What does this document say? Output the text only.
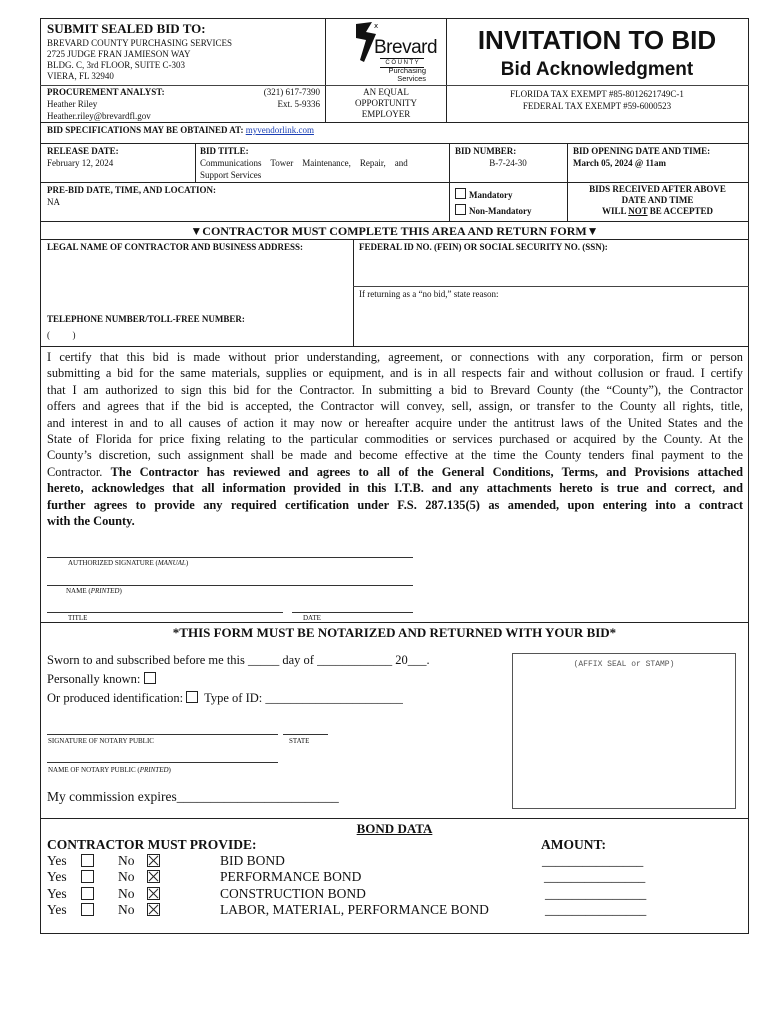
SUBMIT SEALED BID TO:
BREVARD COUNTY PURCHASING SERVICES
2725 JUDGE FRAN JAMIESON WAY
BLDG. C, 3rd FLOOR, SUITE C-303
VIERA, FL 32940
x
Brevard
C O U N T Y
Purchasing
Services
INVITATION TO BID
Bid Acknowledgment
PROCUREMENT ANALYST:	(321) 617-7390
Heather Riley	Ext. 5-9336
Heather.riley@brevardfl.gov
AN EQUAL
OPPORTUNITY
EMPLOYER
FLORIDA TAX EXEMPT #85-8012621749C-1
FEDERAL TAX EXEMPT #59-6000523
BID SPECIFICATIONS MAY BE OBTAINED AT: myvendorlink.com
RELEASE DATE:
February 12, 2024
BID TITLE:
Communications    Tower    Maintenance,    Repair,    and
Support Services
BID NUMBER:
B-7-24-30
BID OPENING DATE AND TIME:
March 05, 2024 @ 11am
PRE-BID DATE, TIME, AND LOCATION:
NA
Mandatory
Non-Mandatory
BIDS RECEIVED AFTER ABOVE
DATE AND TIME
WILL NOT BE ACCEPTED
▼CONTRACTOR MUST COMPLETE THIS AREA AND RETURN FORM▼
LEGAL NAME OF CONTRACTOR AND BUSINESS ADDRESS:	FEDERAL ID NO. (FEIN) OR SOCIAL SECURITY NO. (SSN):
If returning as a “no bid,” state reason:
TELEPHONE NUMBER/TOLL-FREE NUMBER:
(          )
I certify that this bid is made without prior understanding, agreement, or connections with any corporation, firm or person
submitting a bid for the same materials, supplies or equipment, and is in all respects fair and without collusion or fraud. I certify
that I am authorized to sign this bid for the Contractor. In submitting a bid to Brevard County (the “County”), the Contractor
offers and agrees that if the bid is accepted, the Contractor will convey, sell, assign, or transfer to the County all rights, title,
and interest in and to all causes of action it may now or hereafter acquire under the antitrust laws of the United States and the
State of Florida for price fixing relating to the particular commodities or services purchased or acquired by the County. At the
County’s discretion, such assignment shall be made and become effective at the time the County tenders final payment to the
Contractor. The Contractor has reviewed and agrees to all of the General Conditions, Terms, and Provisions attached
hereto, acknowledges that all information provided in this I.T.B. and any attachments hereto is true and correct, and
further agrees to provide any required certification under F.S. 287.135(5) as amended, upon entering into a contract
with the County.
AUTHORIZED SIGNATURE (MANUAL)
NAME (PRINTED)
TITLE	DATE
*THIS FORM MUST BE NOTARIZED AND RETURNED WITH YOUR BID*
Sworn to and subscribed before me this _____ day of ____________ 20___.
Personally known:
Or produced identification: Type of ID: ______________________
(AFFIX SEAL or STAMP)
SIGNATURE OF NOTARY PUBLIC	STATE
NAME OF NOTARY PUBLIC (PRINTED)
My commission expires________________________
BOND DATA
CONTRACTOR MUST PROVIDE:	AMOUNT:
Yes	No	BID BOND	_______________
Yes	No	PERFORMANCE BOND	_______________
Yes	No	CONSTRUCTION BOND	_______________
Yes	No	LABOR, MATERIAL, PERFORMANCE BOND	_______________
